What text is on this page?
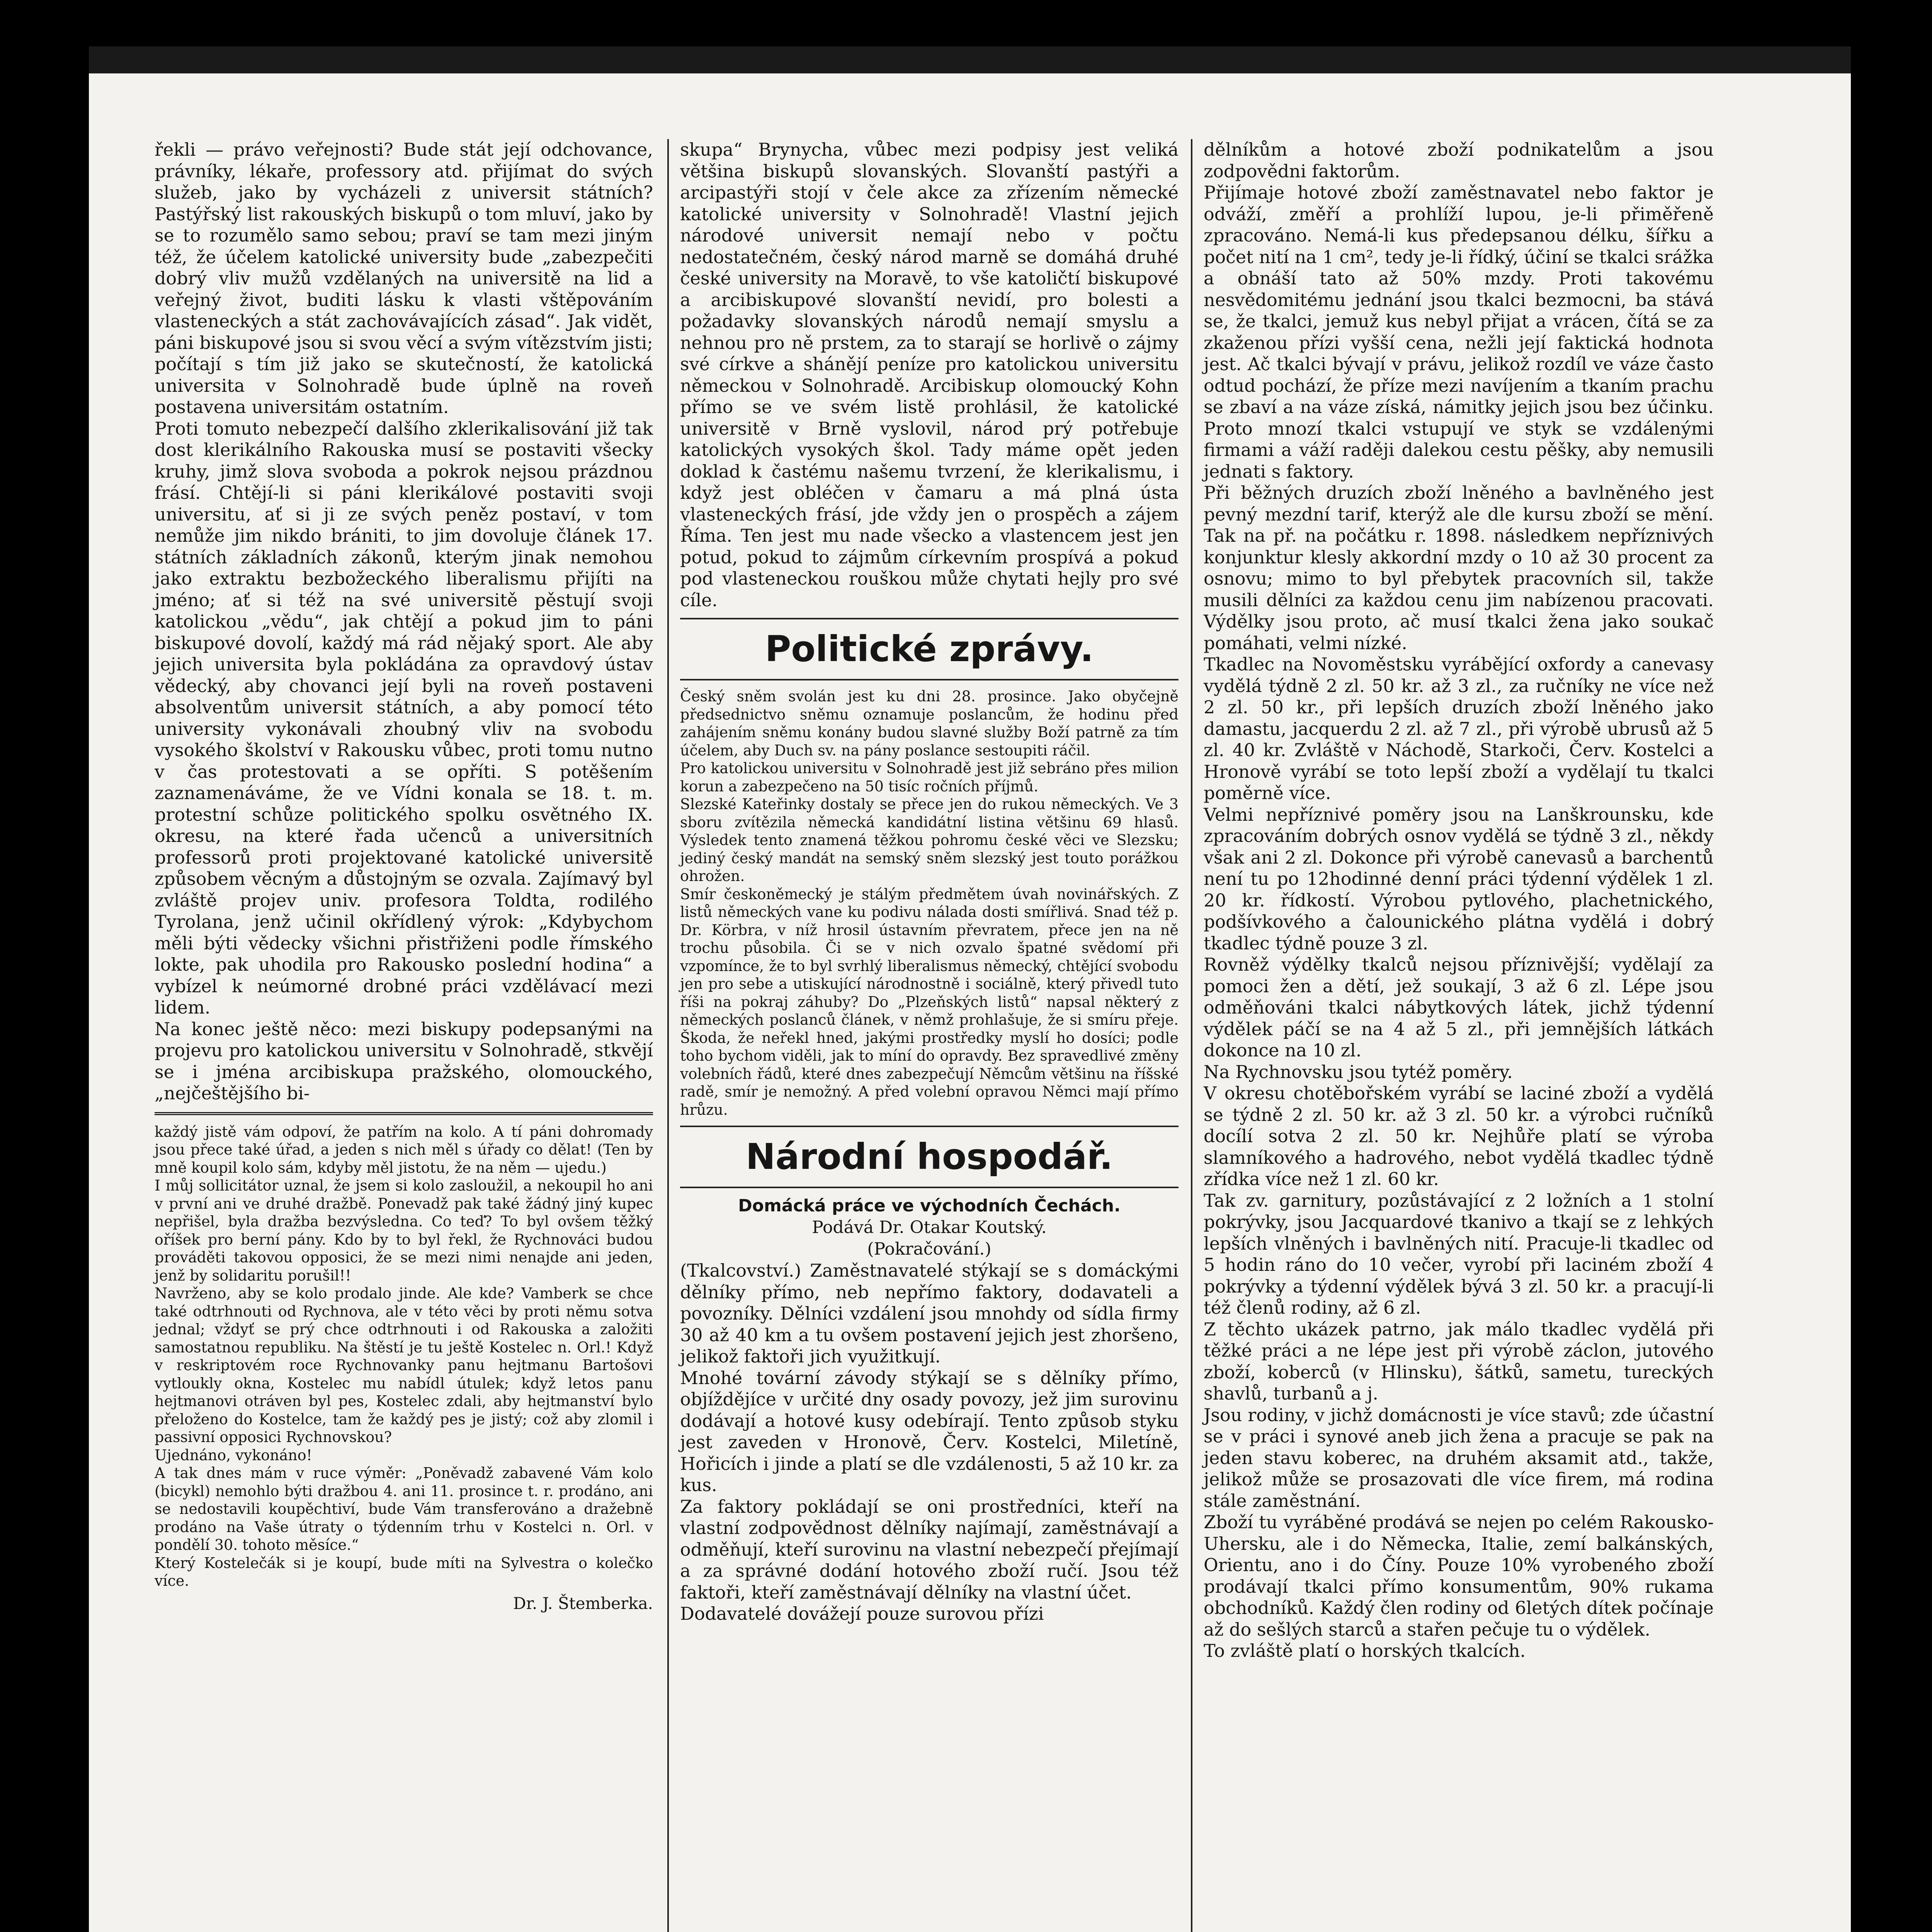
řekli — právo veřejnosti? Bude stát její odchovance, právníky, lékaře, professory atd. přijímat do svých služeb, jako by vycházeli z universit státních? Pastýřský list rakouských biskupů o tom mluví, jako by se to rozumělo samo sebou; praví se tam mezi jiným též, že účelem katolické university bude „zabezpečiti dobrý vliv mužů vzdělaných na universitě na lid a veřejný život, buditi lásku k vlasti vštěpováním vlasteneckých a stát zachovávajících zásad“. Jak vidět, páni biskupové jsou si svou věcí a svým vítězstvím jisti; počítají s tím již jako se skutečností, že katolická universita v Solnohradě bude úplně na roveň postavena universitám ostatním.
Proti tomuto nebezpečí dalšího zklerikalisování již tak dost klerikálního Rakouska musí se postaviti všecky kruhy, jimž slova svoboda a pokrok nejsou prázdnou frásí. Chtějí-li si páni klerikálové postaviti svoji universitu, ať si ji ze svých peněz postaví, v tom nemůže jim nikdo brániti, to jim dovoluje článek 17. státních základních zákonů, kterým jinak nemohou jako extraktu bezbožeckého liberalismu přijíti na jméno; ať si též na své universitě pěstují svoji katolickou „vědu“, jak chtějí a pokud jim to páni biskupové dovolí, každý má rád nějaký sport. Ale aby jejich universita byla pokládána za opravdový ústav vědecký, aby chovanci její byli na roveň postaveni absolventům universit státních, a aby pomocí této university vykonávali zhoubný vliv na svobodu vysokého školství v Rakousku vůbec, proti tomu nutno v čas protestovati a se opříti. S potěšením zaznamenáváme, že ve Vídni konala se 18. t. m. protestní schůze politického spolku osvětného IX. okresu, na které řada učenců a universitních professorů proti projektované katolické universitě způsobem věcným a důstojným se ozvala. Zajímavý byl zvláště projev univ. profesora Toldta, rodilého Tyrolana, jenž učinil okřídlený výrok: „Kdybychom měli býti vědecky všichni přistřiženi podle římského lokte, pak uhodila pro Rakousko poslední hodina“ a vybízel k neúmorné drobné práci vzdělávací mezi lidem.
Na konec ještě něco: mezi biskupy podepsanými na projevu pro katolickou universitu v Solnohradě, stkvějí se i jména arcibiskupa pražského, olomouckého, „nejčeštějšího bi-

každý jistě vám odpoví, že patřím na kolo. A tí páni dohromady jsou přece také úřad, a jeden s nich měl s úřady co dělat! (Ten by mně koupil kolo sám, kdyby měl jistotu, že na něm — ujedu.)
I můj sollicitátor uznal, že jsem si kolo zasloužil, a nekoupil ho ani v první ani ve druhé dražbě. Ponevadž pak také žádný jiný kupec nepřišel, byla dražba bezvýsledna. Co teď? To byl ovšem těžký oříšek pro berní pány. Kdo by to byl řekl, že Rychnováci budou prováděti takovou opposici, že se mezi nimi nenajde ani jeden, jenž by solidaritu porušil!!
Navrženo, aby se kolo prodalo jinde. Ale kde? Vamberk se chce také odtrhnouti od Rychnova, ale v této věci by proti němu sotva jednal; vždyť se prý chce odtrhnouti i od Rakouska a založiti samostatnou republiku. Na štěstí je tu ještě Kostelec n. Orl.! Když v reskriptovém roce Rychnovanky panu hejtmanu Bartošovi vytloukly okna, Kostelec mu nabídl útulek; když letos panu hejtmanovi otráven byl pes, Kostelec zdali, aby hejtmanství bylo přeloženo do Kostelce, tam že každý pes je jistý; což aby zlomil i passivní opposici Rychnovskou?
Ujednáno, vykonáno!
A tak dnes mám v ruce výměr: „Poněvadž zabavené Vám kolo (bicykl) nemohlo býti dražbou 4. ani 11. prosince t. r. prodáno, ani se nedostavili koupěchtiví, bude Vám transferováno a dražebně prodáno na Vaše útraty o týdenním trhu v Kostelci n. Orl. v pondělí 30. tohoto měsíce.“
Který Kostelečák si je koupí, bude míti na Sylvestra o kolečko více.

Dr. J. Štemberka.

skupa“ Brynycha, vůbec mezi podpisy jest veliká většina biskupů slovanských. Slovanští pastýři a arcipastýři stojí v čele akce za zřízením německé katolické university v Solnohradě! Vlastní jejich národové universit nemají nebo v počtu nedostatečném, český národ marně se domáhá druhé české university na Moravě, to vše katoličtí biskupové a arcibiskupové slovanští nevidí, pro bolesti a požadavky slovanských národů nemají smyslu a nehnou pro ně prstem, za to starají se horlivě o zájmy své církve a shánějí peníze pro katolickou universitu německou v Solnohradě. Arcibiskup olomoucký Kohn přímo se ve svém listě prohlásil, že katolické universitě v Brně vyslovil, národ prý potřebuje katolických vysokých škol. Tady máme opět jeden doklad k častému našemu tvrzení, že klerikalismu, i když jest obléčen v čamaru a má plná ústa vlasteneckých frásí, jde vždy jen o prospěch a zájem Říma. Ten jest mu nade všecko a vlastencem jest jen potud, pokud to zájmům církevním prospívá a pokud pod vlasteneckou rouškou může chytati hejly pro své cíle.

Politické zprávy.

Český sněm svolán jest ku dni 28. prosince. Jako obyčejně předsednictvo sněmu oznamuje poslancům, že hodinu před zahájením sněmu konány budou slavné služby Boží patrně za tím účelem, aby Duch sv. na pány poslance sestoupiti ráčil.
Pro katolickou universitu v Solnohradě jest již sebráno přes milion korun a zabezpečeno na 50 tisíc ročních příjmů.
Slezské Kateřinky dostaly se přece jen do rukou německých. Ve 3 sboru zvítězila německá kandidátní listina většinu 69 hlasů. Výsledek tento znamená těžkou pohromu české věci ve Slezsku; jediný český mandát na semský sněm slezský jest touto porážkou ohrožen.
Smír českoněmecký je stálým předmětem úvah novinářských. Z listů německých vane ku podivu nálada dosti smířlivá. Snad též p. Dr. Körbra, v níž hrosil ústavním převratem, přece jen na ně trochu působila. Či se v nich ozvalo špatné svědomí při vzpomínce, že to byl svrhlý liberalismus německý, chtějící svobodu jen pro sebe a utiskující národnostně i sociálně, který přivedl tuto říši na pokraj záhuby? Do „Plzeňských listů“ napsal některý z německých poslanců článek, v němž prohlašuje, že si smíru přeje. Škoda, že neřekl hned, jakými prostředky myslí ho dosíci; podle toho bychom viděli, jak to míní do opravdy. Bez spravedlivé změny volebních řádů, které dnes zabezpečují Němcům většinu na říšské radě, smír je nemožný. A před volební opravou Němci mají přímo hrůzu.

Národní hospodář.

Domácká práce ve východních Čechách.

Podává Dr. Otakar Koutský.

(Pokračování.)

(Tkalcovství.) Zaměstnavatelé stýkají se s domáckými dělníky přímo, neb nepřímo faktory, dodavateli a povozníky. Dělníci vzdálení jsou mnohdy od sídla firmy 30 až 40 km a tu ovšem postavení jejich jest zhoršeno, jelikož faktoři jich využitkují.
Mnohé tovární závody stýkají se s dělníky přímo, objíždějíce v určité dny osady povozy, jež jim surovinu dodávají a hotové kusy odebírají. Tento způsob styku jest zaveden v Hronově, Červ. Kostelci, Miletíně, Hořicích i jinde a platí se dle vzdálenosti, 5 až 10 kr. za kus.
Za faktory pokládají se oni prostředníci, kteří na vlastní zodpovědnost dělníky najímají, zaměstnávají a odměňují, kteří surovinu na vlastní nebezpečí přejímají a za správné dodání hotového zboží ručí. Jsou též faktoři, kteří zaměstnávají dělníky na vlastní účet.
Dodavatelé dovážejí pouze surovou přízi

dělníkům a hotové zboží podnikatelům a jsou zodpovědni faktorům.
Přijímaje hotové zboží zaměstnavatel nebo faktor je odváží, změří a prohlíží lupou, je-li přiměřeně zpracováno. Nemá-li kus předepsanou délku, šířku a počet nití na 1 cm², tedy je-li řídký, účiní se tkalci srážka a obnáší tato až 50% mzdy. Proti takovému nesvědomitému jednání jsou tkalci bezmocni, ba stává se, že tkalci, jemuž kus nebyl přijat a vrácen, čítá se za zkaženou přízi vyšší cena, nežli její faktická hodnota jest. Ač tkalci bývají v právu, jelikož rozdíl ve váze často odtud pochází, že příze mezi navíjením a tkaním prachu se zbaví a na váze získá, námitky jejich jsou bez účinku. Proto mnozí tkalci vstupují ve styk se vzdálenými firmami a váží raději dalekou cestu pěšky, aby nemusili jednati s faktory.
Při běžných druzích zboží lněného a bavlněného jest pevný mezdní tarif, kterýž ale dle kursu zboží se mění. Tak na př. na počátku r. 1898. následkem nepříznivých konjunktur klesly akkordní mzdy o 10 až 30 procent za osnovu; mimo to byl přebytek pracovních sil, takže musili dělníci za každou cenu jim nabízenou pracovati. Výdělky jsou proto, ač musí tkalci žena jako soukač pomáhati, velmi nízké.
Tkadlec na Novoměstsku vyrábějící oxfordy a canevasy vydělá týdně 2 zl. 50 kr. až 3 zl., za ručníky ne více než 2 zl. 50 kr., při lepších druzích zboží lněného jako damastu, jacquerdu 2 zl. až 7 zl., při výrobě ubrusů až 5 zl. 40 kr. Zvláště v Náchodě, Starkoči, Červ. Kostelci a Hronově vyrábí se toto lepší zboží a vydělají tu tkalci poměrně více.
Velmi nepříznivé poměry jsou na Lanškrounsku, kde zpracováním dobrých osnov vydělá se týdně 3 zl., někdy však ani 2 zl. Dokonce při výrobě canevasů a barchentů není tu po 12hodinné denní práci týdenní výdělek 1 zl. 20 kr. řídkostí. Výrobou pytlového, plachetnického, podšívkového a čalounického plátna vydělá i dobrý tkadlec týdně pouze 3 zl.
Rovněž výdělky tkalců nejsou příznivější; vydělají za pomoci žen a dětí, jež soukají, 3 až 6 zl. Lépe jsou odměňováni tkalci nábytkových látek, jichž týdenní výdělek páčí se na 4 až 5 zl., při jemnějších látkách dokonce na 10 zl.
Na Rychnovsku jsou tytéž poměry.
V okresu chotěbořském vyrábí se laciné zboží a vydělá se týdně 2 zl. 50 kr. až 3 zl. 50 kr. a výrobci ručníků docílí sotva 2 zl. 50 kr. Nejhůře platí se výroba slamníkového a hadrového, nebot vydělá tkadlec týdně zřídka více než 1 zl. 60 kr.
Tak zv. garnitury, pozůstávající z 2 ložních a 1 stolní pokrývky, jsou Jacquardové tkanivo a tkají se z lehkých lepších vlněných i bavlněných nití. Pracuje-li tkadlec od 5 hodin ráno do 10 večer, vyrobí při laciném zboží 4 pokrývky a týdenní výdělek bývá 3 zl. 50 kr. a pracují-li též členů rodiny, až 6 zl.
Z těchto ukázek patrno, jak málo tkadlec vydělá při těžké práci a ne lépe jest při výrobě záclon, jutového zboží, koberců (v Hlinsku), šátků, sametu, tureckých shavlů, turbanů a j.
Jsou rodiny, v jichž domácnosti je více stavů; zde účastní se v práci i synové aneb jich žena a pracuje se pak na jeden stavu koberec, na druhém aksamit atd., takže, jelikož může se prosazovati dle více firem, má rodina stále zaměstnání.
Zboží tu vyráběné prodává se nejen po celém Rakousko-Uhersku, ale i do Německa, Italie, zemí balkánských, Orientu, ano i do Číny. Pouze 10% vyrobeného zboží prodávají tkalci přímo konsumentům, 90% rukama obchodníků. Každý člen rodiny od 6letých dítek počínaje až do sešlých starců a stařen pečuje tu o výdělek.
To zvláště platí o horských tkalcích.
